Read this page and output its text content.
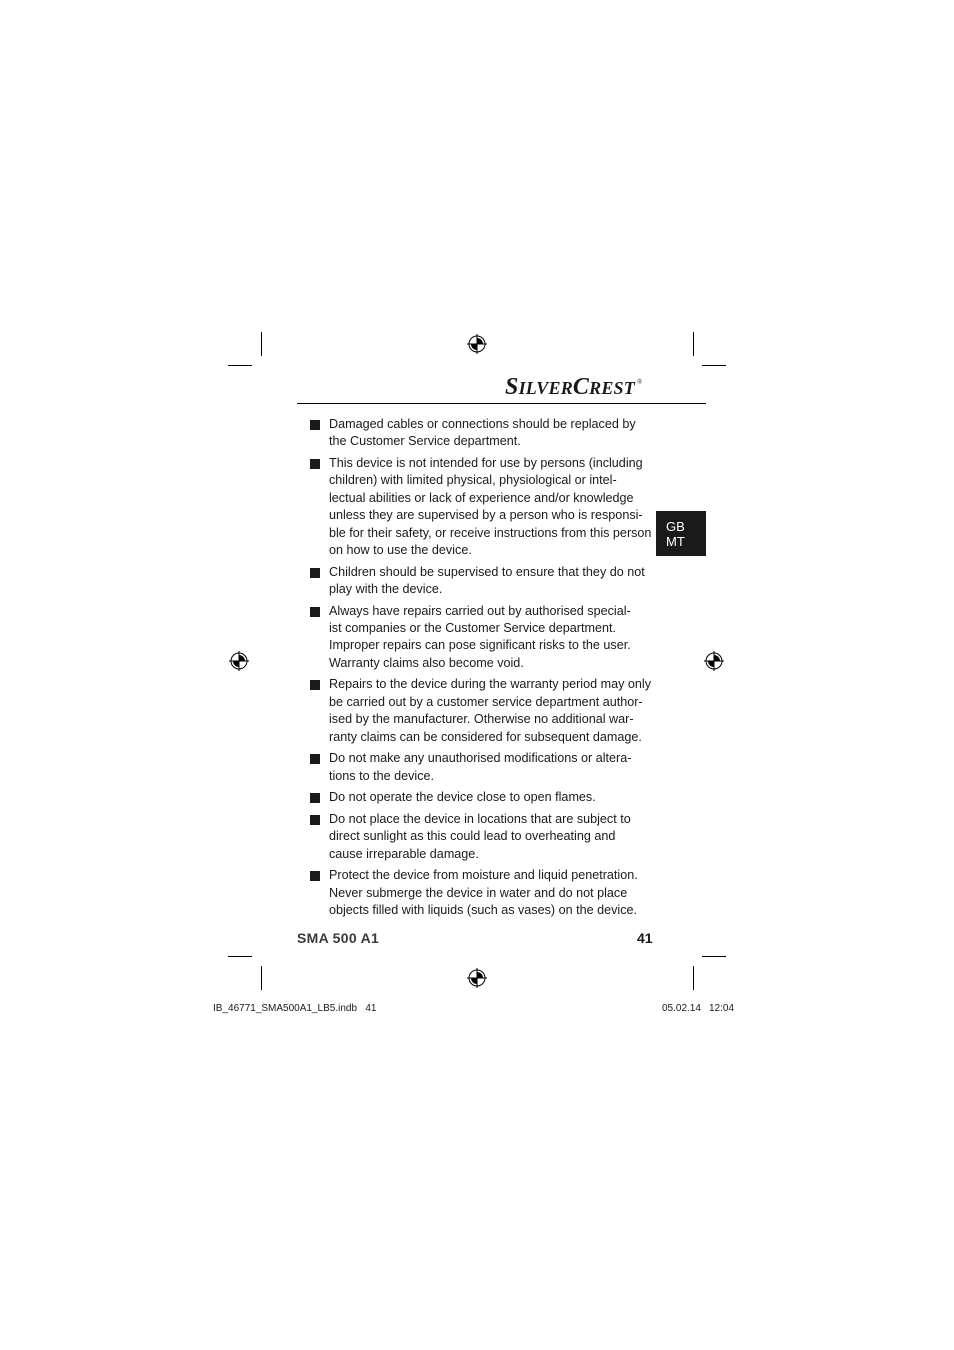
SILVERCREST ®
GB
MT
Damaged cables or connections should be replaced by
the Customer Service department.
This device is not intended for use by persons (including
children) with limited physical, physiological or intel-
lectual abilities or lack of experience and/or knowledge
unless they are supervised by a person who is responsi-
ble for their safety, or receive instructions from this person
on how to use the device.
Children should be supervised to ensure that they do not
play with the device.
Always have repairs carried out by authorised special-
ist companies or the Customer Service department.
Improper repairs can pose significant risks to the user.
Warranty claims also become void.
Repairs to the device during the warranty period may only
be carried out by a customer service department author-
ised by the manufacturer. Otherwise no additional war-
ranty claims can be considered for subsequent damage.
Do not make any unauthorised modifications or altera-
tions to the device.
Do not operate the device close to open flames.
Do not place the device in locations that are subject to
direct sunlight as this could lead to overheating and
cause irreparable damage.
Protect the device from moisture and liquid penetration.
Never submerge the device in water and do not place
objects filled with liquids (such as vases) on the device.
SMA 500 A1	41
IB_46771_SMA500A1_LB5.indb   41	05.02.14 12:04
